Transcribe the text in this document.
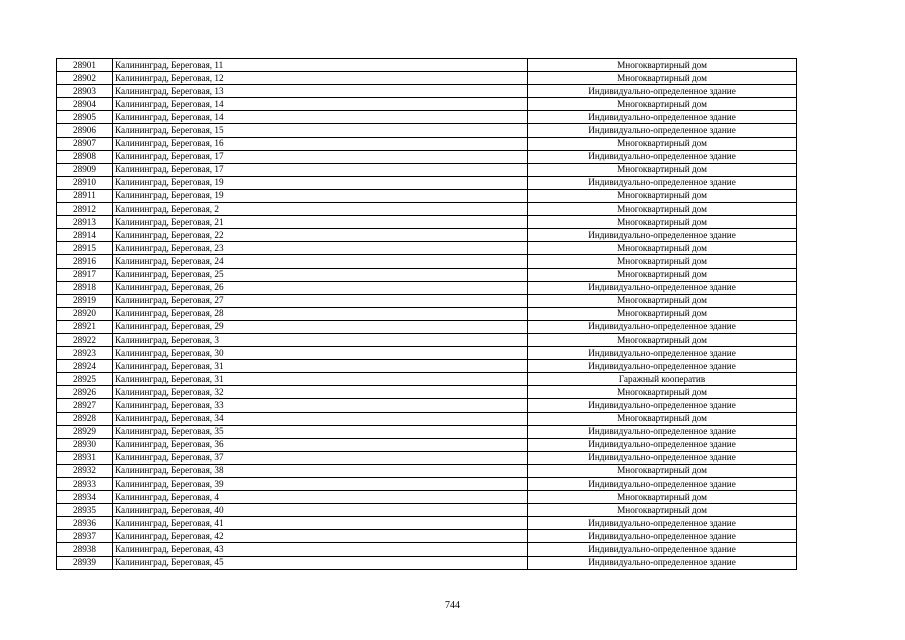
28901	Калининград, Береговая, 11	Многоквартирный дом
28902	Калининград, Береговая, 12	Многоквартирный дом
28903	Калининград, Береговая, 13	Индивидуально-определенное здание
28904	Калининград, Береговая, 14	Многоквартирный дом
28905	Калининград, Береговая, 14	Индивидуально-определенное здание
28906	Калининград, Береговая, 15	Индивидуально-определенное здание
28907	Калининград, Береговая, 16	Многоквартирный дом
28908	Калининград, Береговая, 17	Индивидуально-определенное здание
28909	Калининград, Береговая, 17	Многоквартирный дом
28910	Калининград, Береговая, 19	Индивидуально-определенное здание
28911	Калининград, Береговая, 19	Многоквартирный дом
28912	Калининград, Береговая, 2	Многоквартирный дом
28913	Калининград, Береговая, 21	Многоквартирный дом
28914	Калининград, Береговая, 22	Индивидуально-определенное здание
28915	Калининград, Береговая, 23	Многоквартирный дом
28916	Калининград, Береговая, 24	Многоквартирный дом
28917	Калининград, Береговая, 25	Многоквартирный дом
28918	Калининград, Береговая, 26	Индивидуально-определенное здание
28919	Калининград, Береговая, 27	Многоквартирный дом
28920	Калининград, Береговая, 28	Многоквартирный дом
28921	Калининград, Береговая, 29	Индивидуально-определенное здание
28922	Калининград, Береговая, 3	Многоквартирный дом
28923	Калининград, Береговая, 30	Индивидуально-определенное здание
28924	Калининград, Береговая, 31	Индивидуально-определенное здание
28925	Калининград, Береговая, 31	Гаражный кооператив
28926	Калининград, Береговая, 32	Многоквартирный дом
28927	Калининград, Береговая, 33	Индивидуально-определенное здание
28928	Калининград, Береговая, 34	Многоквартирный дом
28929	Калининград, Береговая, 35	Индивидуально-определенное здание
28930	Калининград, Береговая, 36	Индивидуально-определенное здание
28931	Калининград, Береговая, 37	Индивидуально-определенное здание
28932	Калининград, Береговая, 38	Многоквартирный дом
28933	Калининград, Береговая, 39	Индивидуально-определенное здание
28934	Калининград, Береговая, 4	Многоквартирный дом
28935	Калининград, Береговая, 40	Многоквартирный дом
28936	Калининград, Береговая, 41	Индивидуально-определенное здание
28937	Калининград, Береговая, 42	Индивидуально-определенное здание
28938	Калининград, Береговая, 43	Индивидуально-определенное здание
28939	Калининград, Береговая, 45	Индивидуально-определенное здание
744
